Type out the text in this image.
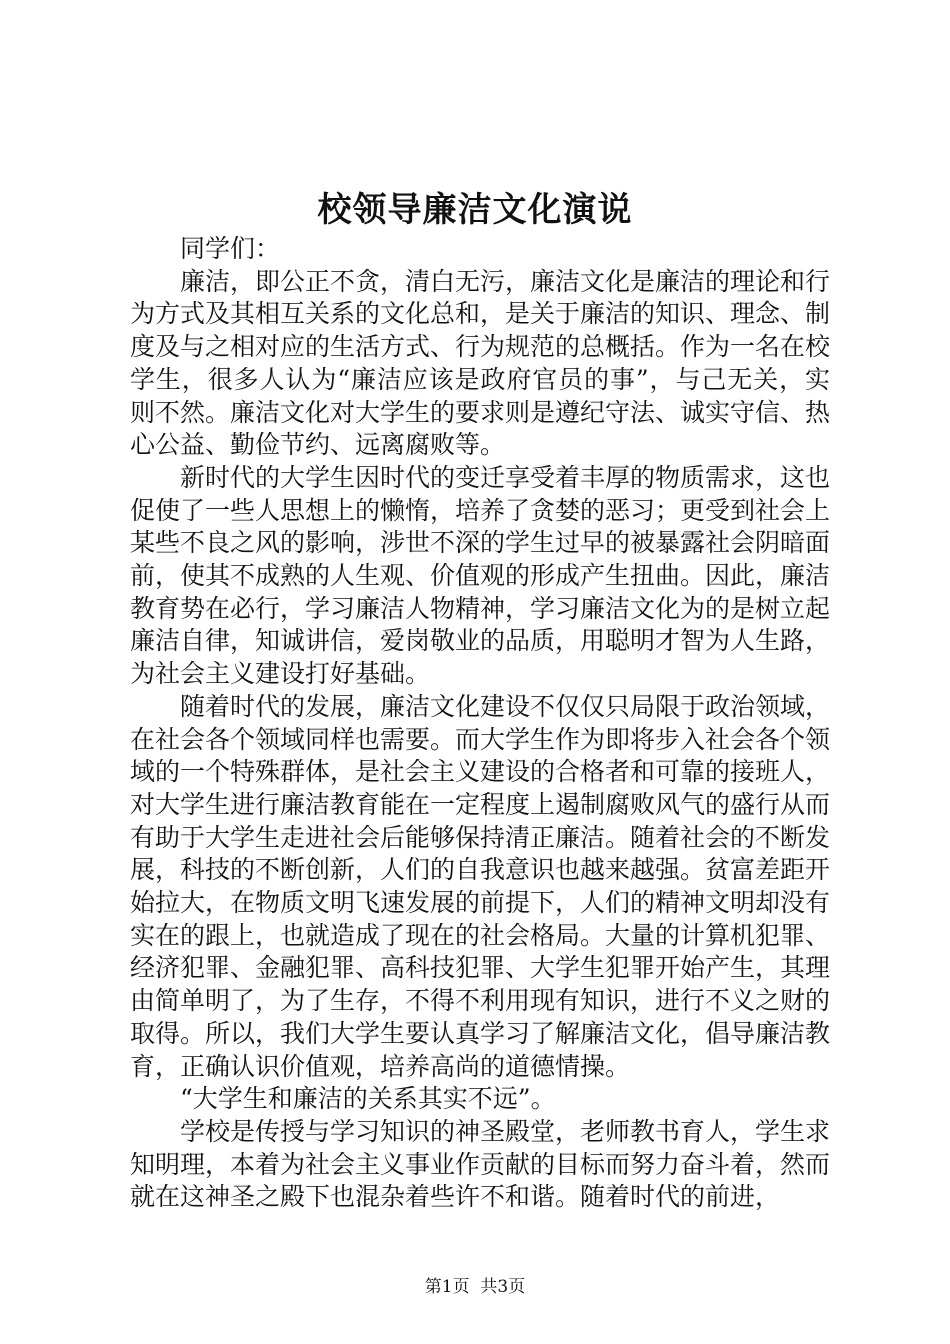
校领导廉洁文化演说

同学们：

廉洁，即公正不贪，清白无污，廉洁文化是廉洁的理论和行为方式及其相互关系的文化总和，是关于廉洁的知识、理念、制度及与之相对应的生活方式、行为规范的总概括。作为一名在校学生，很多人认为“廉洁应该是政府官员的事”，与己无关，实则不然。廉洁文化对大学生的要求则是遵纪守法、诚实守信、热心公益、勤俭节约、远离腐败等。

新时代的大学生因时代的变迁享受着丰厚的物质需求，这也促使了一些人思想上的懒惰，培养了贪婪的恶习；更受到社会上某些不良之风的影响，涉世不深的学生过早的被暴露社会阴暗面前，使其不成熟的人生观、价值观的形成产生扭曲。因此，廉洁教育势在必行，学习廉洁人物精神，学习廉洁文化为的是树立起廉洁自律，知诚讲信，爱岗敬业的品质，用聪明才智为人生路，为社会主义建设打好基础。

随着时代的发展，廉洁文化建设不仅仅只局限于政治领域，在社会各个领域同样也需要。而大学生作为即将步入社会各个领域的一个特殊群体，是社会主义建设的合格者和可靠的接班人，对大学生进行廉洁教育能在一定程度上遏制腐败风气的盛行从而有助于大学生走进社会后能够保持清正廉洁。随着社会的不断发展，科技的不断创新，人们的自我意识也越来越强。贫富差距开始拉大，在物质文明飞速发展的前提下，人们的精神文明却没有实在的跟上，也就造成了现在的社会格局。大量的计算机犯罪、经济犯罪、金融犯罪、高科技犯罪、大学生犯罪开始产生，其理由简单明了，为了生存，不得不利用现有知识，进行不义之财的取得。所以，我们大学生要认真学习了解廉洁文化，倡导廉洁教育，正确认识价值观，培养高尚的道德情操。

“大学生和廉洁的关系其实不远”。

学校是传授与学习知识的神圣殿堂，老师教书育人，学生求知明理，本着为社会主义事业作贡献的目标而努力奋斗着，然而就在这神圣之殿下也混杂着些许不和谐。随着时代的前进，

第1页 共3页
